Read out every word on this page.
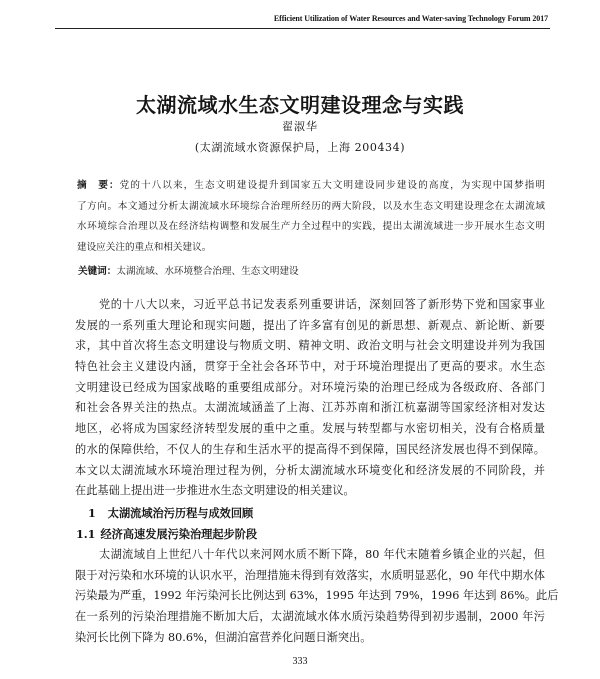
Efficient Utilization of Water Resources and Water-saving Technology Forum 2017
太湖流域水生态文明建设理念与实践
翟淑华
(太湖流域水资源保护局，上海 200434)
摘　要：党的十八以来，生态文明建设提升到国家五大文明建设同步建设的高度，为实现中国梦指明
了方向。本文通过分析太湖流域水环境综合治理所经历的两大阶段，以及水生态文明建设理念在太湖流域
水环境综合治理以及在经济结构调整和发展生产力全过程中的实践，提出太湖流域进一步开展水生态文明
建设应关注的重点和相关建议。
关键词：太湖流域、水环境整合治理、生态文明建设
党的十八大以来，习近平总书记发表系列重要讲话，深刻回答了新形势下党和国家事业
发展的一系列重大理论和现实问题，提出了许多富有创见的新思想、新观点、新论断、新要
求，其中首次将生态文明建设与物质文明、精神文明、政治文明与社会文明建设并列为我国
特色社会主义建设内涵，贯穿于全社会各环节中，对于环境治理提出了更高的要求。水生态
文明建设已经成为国家战略的重要组成部分。对环境污染的治理已经成为各级政府、各部门
和社会各界关注的热点。太湖流域涵盖了上海、江苏苏南和浙江杭嘉湖等国家经济相对发达
地区，必将成为国家经济转型发展的重中之重。发展与转型都与水密切相关，没有合格质量
的水的保障供给，不仅人的生存和生活水平的提高得不到保障，国民经济发展也得不到保障。
本文以太湖流域水环境治理过程为例，分析太湖流域水环境变化和经济发展的不同阶段，并
在此基础上提出进一步推进水生态文明建设的相关建议。
1 太湖流域治污历程与成效回顾
1.1 经济高速发展污染治理起步阶段
太湖流域自上世纪八十年代以来河网水质不断下降，80 年代末随着乡镇企业的兴起，但
限于对污染和水环境的认识水平，治理措施未得到有效落实，水质明显恶化，90 年代中期水体
污染最为严重，1992 年污染河长比例达到 63%，1995 年达到 79%，1996 年达到 86%。此后
在一系列的污染治理措施不断加大后，太湖流域水体水质污染趋势得到初步遏制，2000 年污
染河长比例下降为 80.6%，但湖泊富营养化问题日渐突出。
333
